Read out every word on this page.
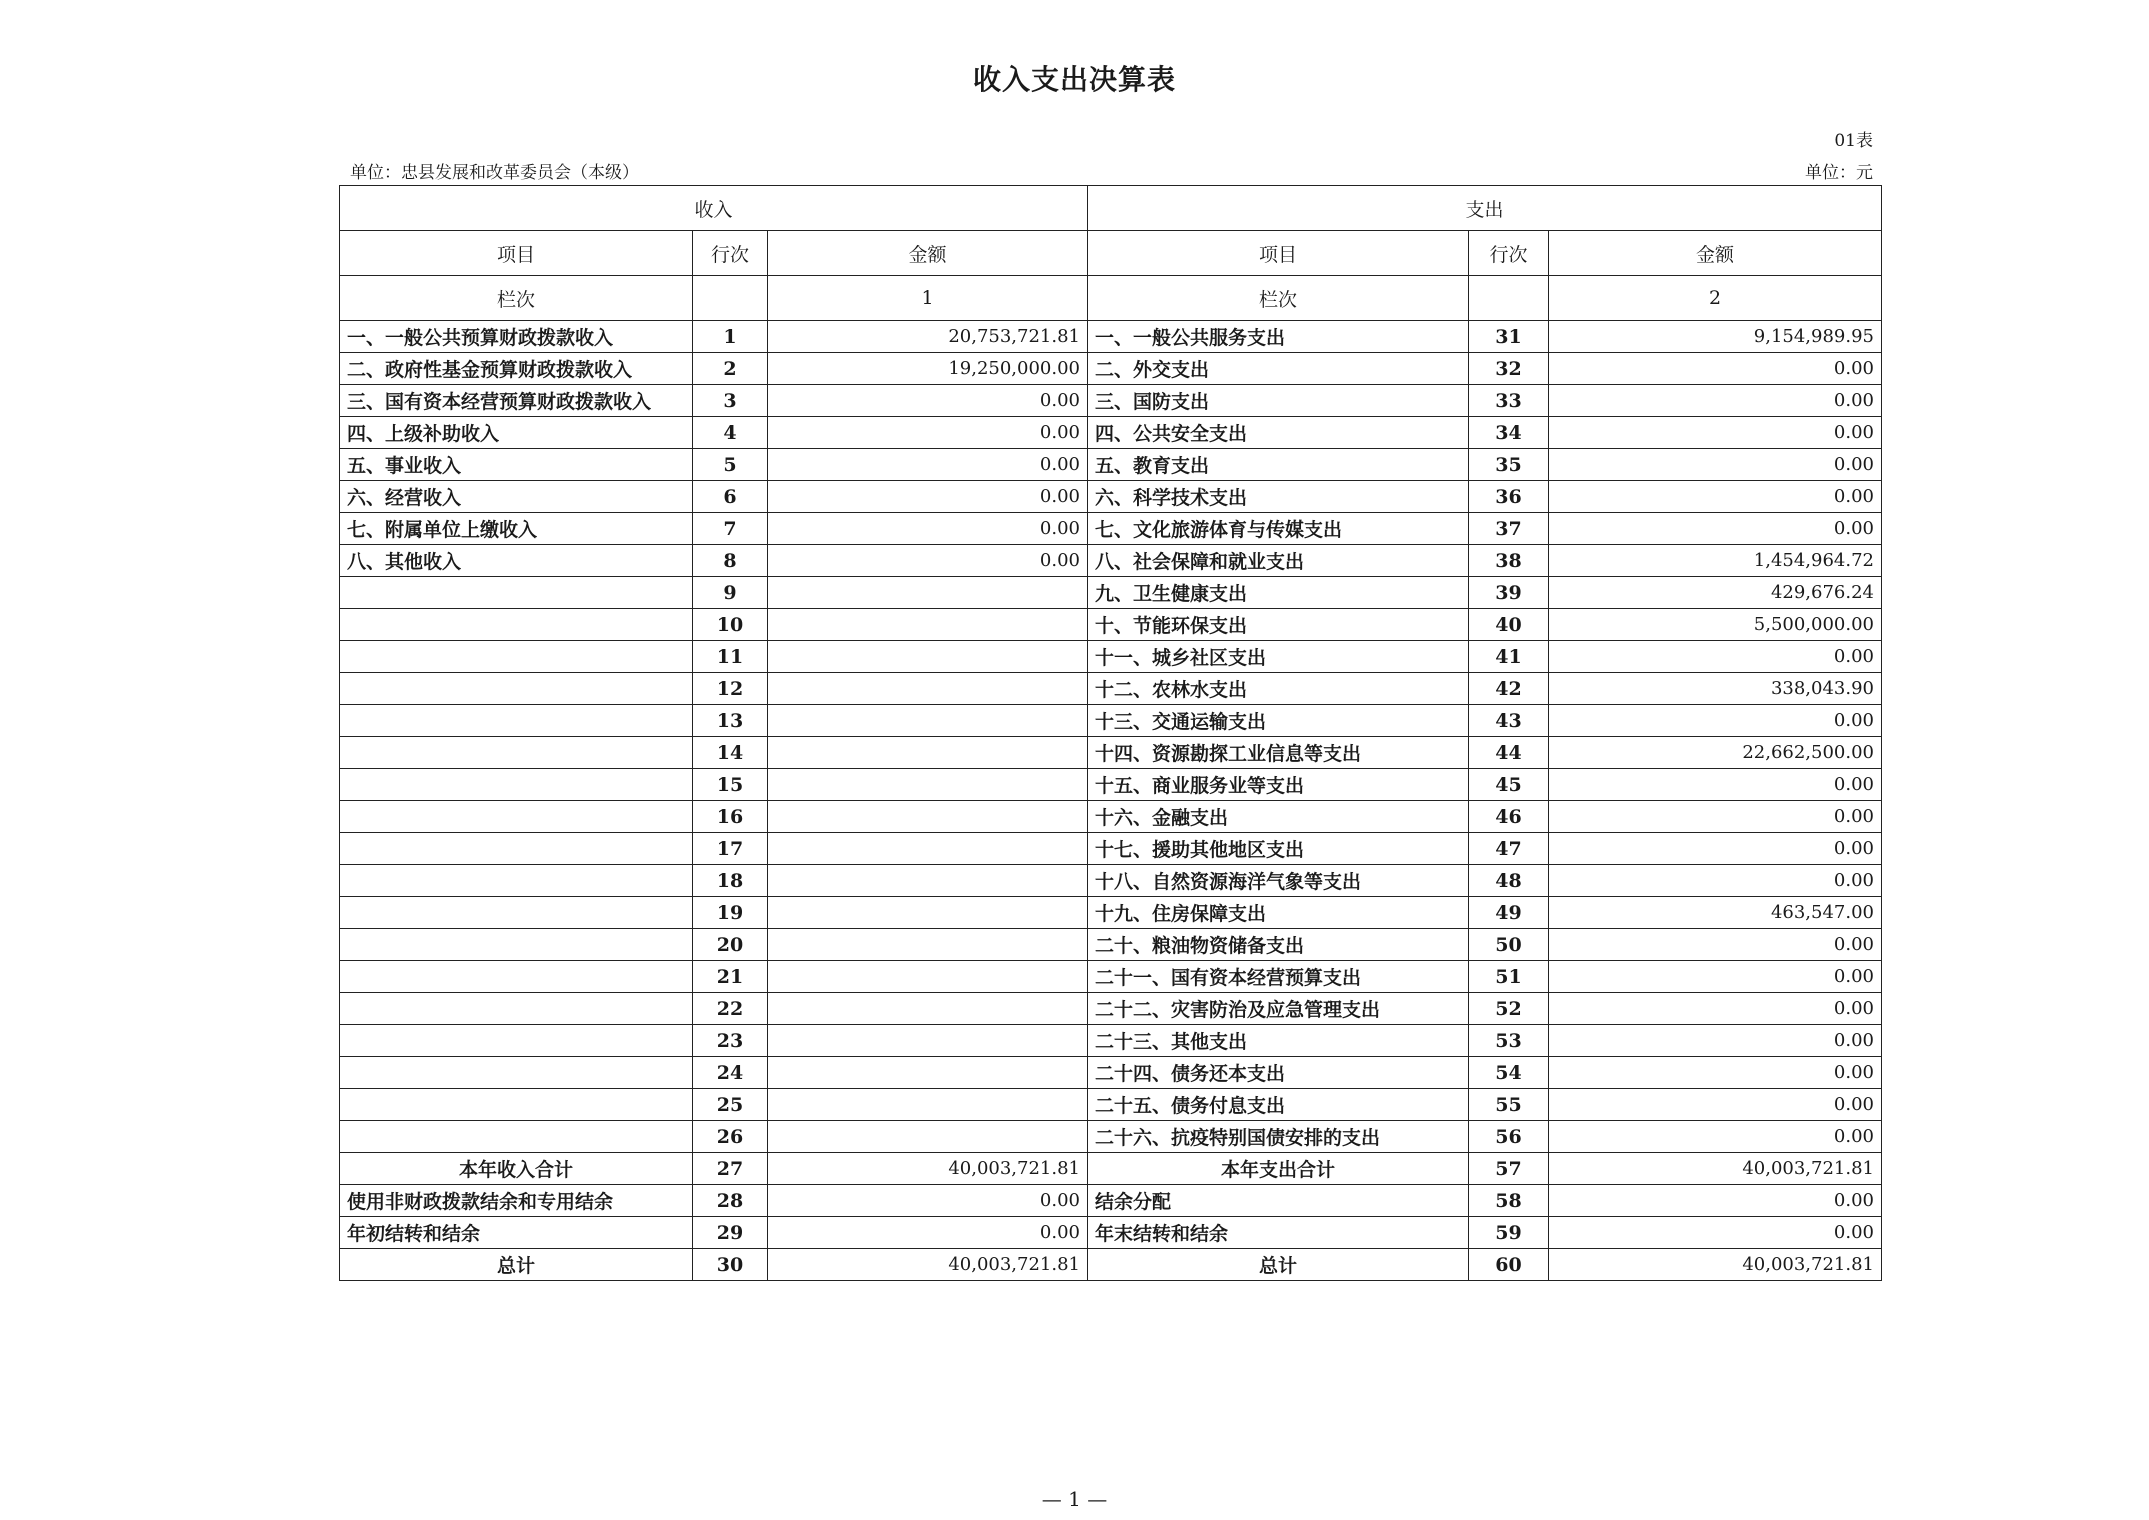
收入支出决算表
01表
单位：忠县发展和改革委员会（本级）	单位：元
收入			支出		
项目	行次	金额	项目	行次	金额
栏次		1	栏次		2
一、一般公共预算财政拨款收入	1	20,753,721.81	一、一般公共服务支出	31	9,154,989.95
二、政府性基金预算财政拨款收入	2	19,250,000.00	二、外交支出	32	0.00
三、国有资本经营预算财政拨款收入	3	0.00	三、国防支出	33	0.00
四、上级补助收入	4	0.00	四、公共安全支出	34	0.00
五、事业收入	5	0.00	五、教育支出	35	0.00
六、经营收入	6	0.00	六、科学技术支出	36	0.00
七、附属单位上缴收入	7	0.00	七、文化旅游体育与传媒支出	37	0.00
八、其他收入	8	0.00	八、社会保障和就业支出	38	1,454,964.72
	9		九、卫生健康支出	39	429,676.24
	10		十、节能环保支出	40	5,500,000.00
	11		十一、城乡社区支出	41	0.00
	12		十二、农林水支出	42	338,043.90
	13		十三、交通运输支出	43	0.00
	14		十四、资源勘探工业信息等支出	44	22,662,500.00
	15		十五、商业服务业等支出	45	0.00
	16		十六、金融支出	46	0.00
	17		十七、援助其他地区支出	47	0.00
	18		十八、自然资源海洋气象等支出	48	0.00
	19		十九、住房保障支出	49	463,547.00
	20		二十、粮油物资储备支出	50	0.00
	21		二十一、国有资本经营预算支出	51	0.00
	22		二十二、灾害防治及应急管理支出	52	0.00
	23		二十三、其他支出	53	0.00
	24		二十四、债务还本支出	54	0.00
	25		二十五、债务付息支出	55	0.00
	26		二十六、抗疫特别国债安排的支出	56	0.00
本年收入合计	27	40,003,721.81	本年支出合计	57	40,003,721.81
使用非财政拨款结余和专用结余	28	0.00	结余分配	58	0.00
年初结转和结余	29	0.00	年末结转和结余	59	0.00
总计	30	40,003,721.81	总计	60	40,003,721.81
— 1 —
